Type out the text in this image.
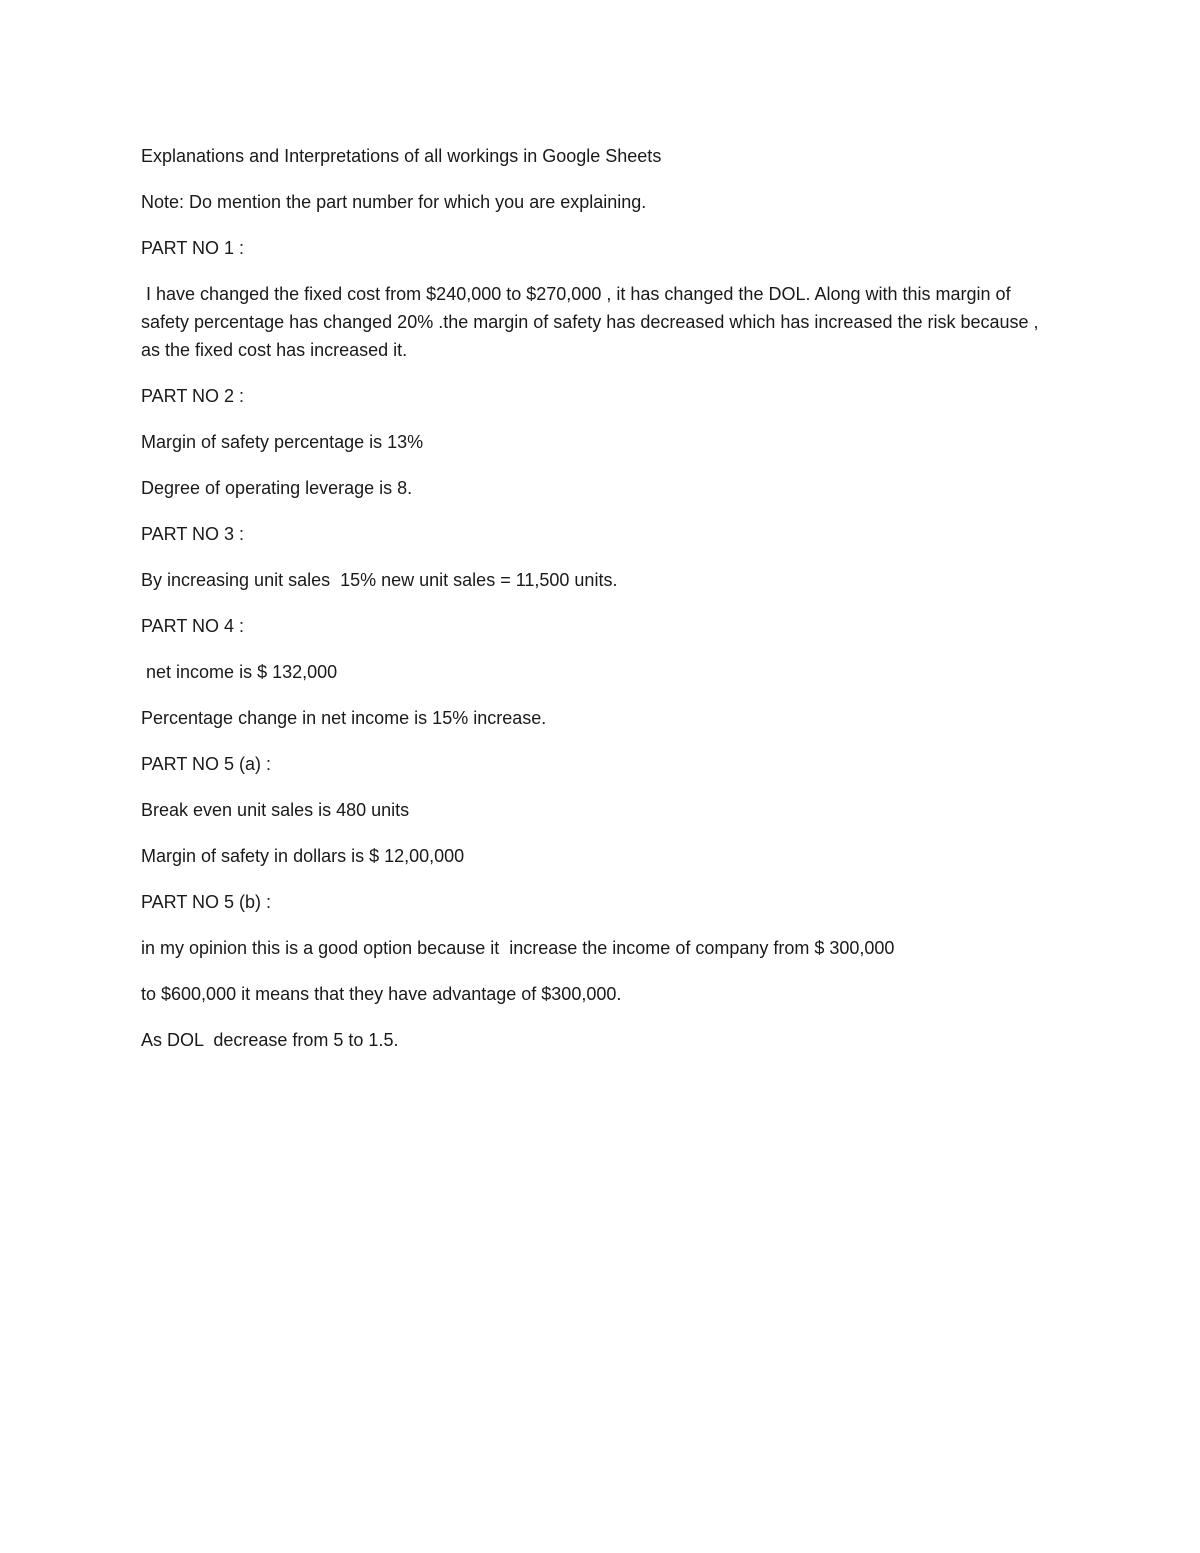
Explanations and Interpretations of all workings in Google Sheets

Note: Do mention the part number for which you are explaining.

PART NO 1 :

I have changed the fixed cost from $240,000 to $270,000 , it has changed the DOL. Along with this margin of safety percentage has changed 20% .the margin of safety has decreased which has increased the risk because , as the fixed cost has increased it.

PART NO 2 :

Margin of safety percentage is 13%

Degree of operating leverage is 8.

PART NO 3 :

By increasing unit sales  15% new unit sales = 11,500 units.

PART NO 4 :

net income is $ 132,000

Percentage change in net income is 15% increase.

PART NO 5 (a) :

Break even unit sales is 480 units

Margin of safety in dollars is $ 12,00,000

PART NO 5 (b) :

in my opinion this is a good option because it  increase the income of company from $ 300,000

to $600,000 it means that they have advantage of $300,000.

As DOL  decrease from 5 to 1.5.
